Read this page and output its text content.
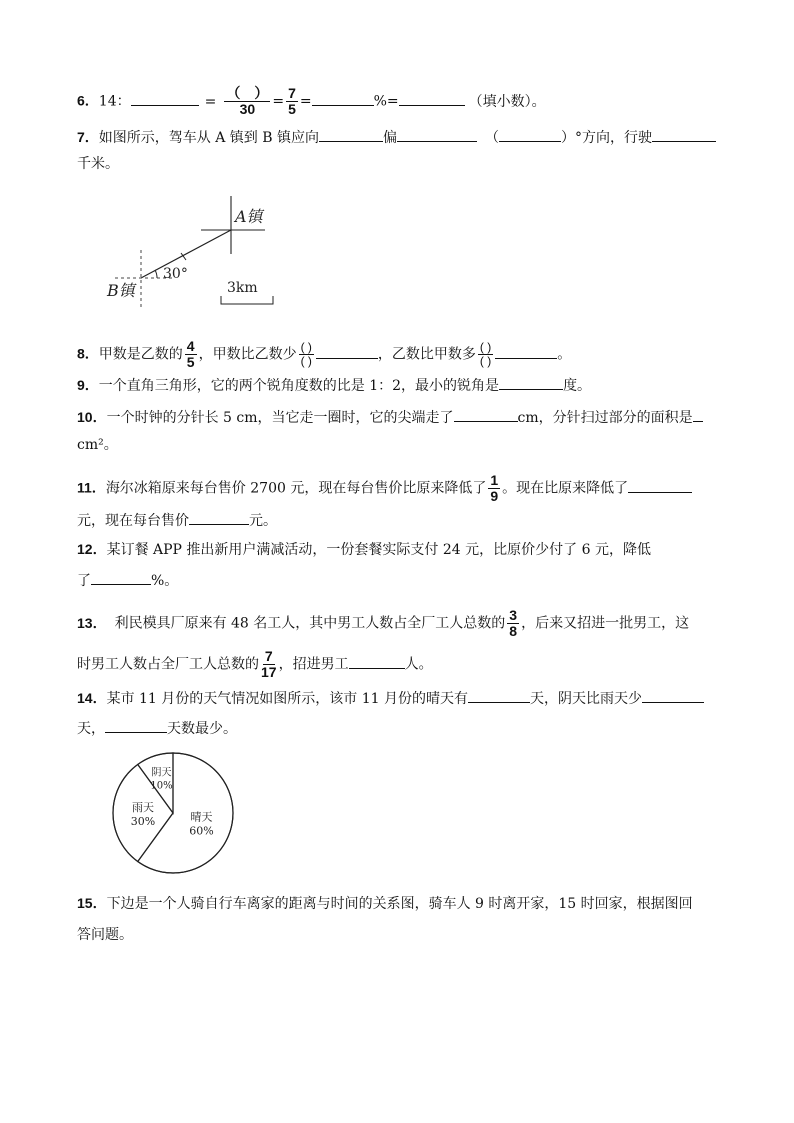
6．14：	= $\frac{( )}{30} = \frac{7}{5}$ =	%=	（填小数）。
7．如图所示，驾车从 A 镇到 B 镇应向	偏	（	）°方向，行驶
千米。
A镇
B镇
30°
3km
8．甲数是乙数的 $\frac{4}{5}$ ，甲数比乙数少 $\frac{( )}{( )}$	，乙数比甲数多 $\frac{( )}{( )}$	。
9．一个直角三角形，它的两个锐角度数的比是 1：2，最小的锐角是	度。
10．一个时钟的分针长 5 cm，当它走一圈时，它的尖端走了	cm，分针扫过部分的面积是
cm²。
11．海尔冰箱原来每台售价 2700 元，现在每台售价比原来降低了 $\frac{1}{9}$ 。现在比原来降低了
元，现在每台售价	元。
12．某订餐 APP 推出新用户满减活动，一份套餐实际支付 24 元，比原价少付了 6 元，降低
了	%。
13． 利民模具厂原来有 48 名工人，其中男工人数占全厂工人总数的 $\frac{3}{8}$ ，后来又招进一批男工，这
时男工人数占全厂工人总数的 $\frac{7}{17}$ ，招进男工	人。
14．某市 11 月份的天气情况如图所示，该市 11 月份的晴天有	天，阴天比雨天少
天，	天数最少。
晴天
60%
雨天
30%
阴天
10%
15．下边是一个人骑自行车离家的距离与时间的关系图，骑车人 9 时离开家，15 时回家，根据图回
答问题。
